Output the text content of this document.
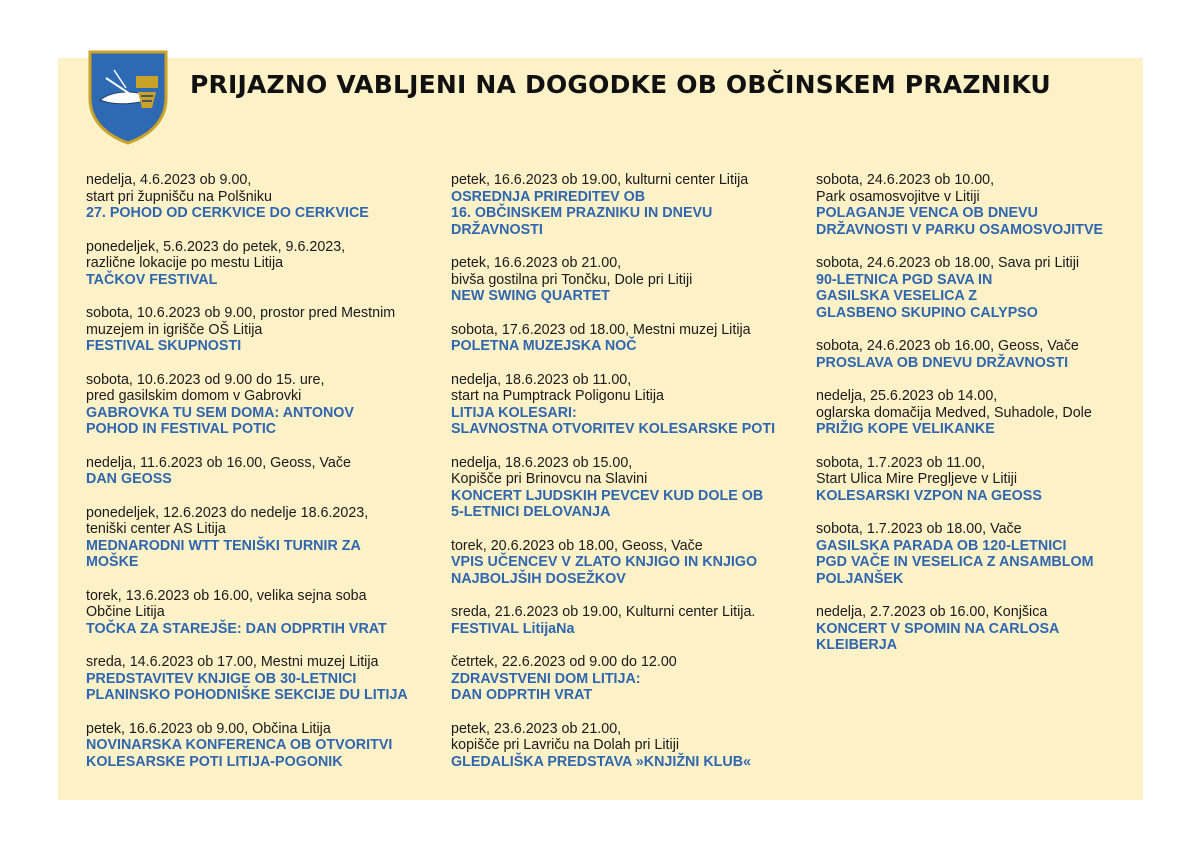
PRIJAZNO VABLJENI NA DOGODKE OB OBČINSKEM PRAZNIKU
nedelja, 4.6.2023 ob 9.00,
start pri župnišču na Polšniku
27. POHOD OD CERKVICE DO CERKVICE
ponedeljek, 5.6.2023 do petek, 9.6.2023,
različne lokacije po mestu Litija
TAČKOV FESTIVAL
sobota, 10.6.2023 ob 9.00, prostor pred Mestnim
muzejem in igrišče OŠ Litija
FESTIVAL SKUPNOSTI
sobota, 10.6.2023 od 9.00 do 15. ure,
pred gasilskim domom v Gabrovki
GABROVKA TU SEM DOMA: ANTONOV
POHOD IN FESTIVAL POTIC
nedelja, 11.6.2023 ob 16.00, Geoss, Vače
DAN GEOSS
ponedeljek, 12.6.2023 do nedelje 18.6.2023,
teniški center AS Litija
MEDNARODNI WTT TENIŠKI TURNIR ZA
MOŠKE
torek, 13.6.2023 ob 16.00, velika sejna soba
Občine Litija
TOČKA ZA STAREJŠE: DAN ODPRTIH VRAT
sreda, 14.6.2023 ob 17.00, Mestni muzej Litija
PREDSTAVITEV KNJIGE OB 30-LETNICI
PLANINSKO POHODNIŠKE SEKCIJE DU LITIJA
petek, 16.6.2023 ob 9.00, Občina Litija
NOVINARSKA KONFERENCA OB OTVORITVI
KOLESARSKE POTI LITIJA-POGONIK
petek, 16.6.2023 ob 19.00, kulturni center Litija
OSREDNJA PRIREDITEV OB
16. OBČINSKEM PRAZNIKU IN DNEVU
DRŽAVNOSTI
petek, 16.6.2023 ob 21.00,
bivša gostilna pri Tončku, Dole pri Litiji
NEW SWING QUARTET
sobota, 17.6.2023 od 18.00, Mestni muzej Litija
POLETNA MUZEJSKA NOČ
nedelja, 18.6.2023 ob 11.00,
start na Pumptrack Poligonu Litija
LITIJA KOLESARI:
SLAVNOSTNA OTVORITEV KOLESARSKE POTI
nedelja, 18.6.2023 ob 15.00,
Kopišče pri Brinovcu na Slavini
KONCERT LJUDSKIH PEVCEV KUD DOLE OB
5-LETNICI DELOVANJA
torek, 20.6.2023 ob 18.00, Geoss, Vače
VPIS UČENCEV V ZLATO KNJIGO IN KNJIGO
NAJBOLJŠIH DOSEŽKOV
sreda, 21.6.2023 ob 19.00, Kulturni center Litija.
FESTIVAL LitijaNa
četrtek, 22.6.2023 od 9.00 do 12.00
ZDRAVSTVENI DOM LITIJA:
DAN ODPRTIH VRAT
petek, 23.6.2023 ob 21.00,
kopišče pri Lavriču na Dolah pri Litiji
GLEDALIŠKA PREDSTAVA »KNJIŽNI KLUB«
sobota, 24.6.2023 ob 10.00,
Park osamosvojitve v Litiji
POLAGANJE VENCA OB DNEVU
DRŽAVNOSTI V PARKU OSAMOSVOJITVE
sobota, 24.6.2023 ob 18.00, Sava pri Litiji
90-LETNICA PGD SAVA IN
GASILSKA VESELICA Z
GLASBENO SKUPINO CALYPSO
sobota, 24.6.2023 ob 16.00, Geoss, Vače
PROSLAVA OB DNEVU DRŽAVNOSTI
nedelja, 25.6.2023 ob 14.00,
oglarska domačija Medved, Suhadole, Dole
PRIŽIG KOPE VELIKANKE
sobota, 1.7.2023 ob 11.00,
Start Ulica Mire Pregljeve v Litiji
KOLESARSKI VZPON NA GEOSS
sobota, 1.7.2023 ob 18.00, Vače
GASILSKA PARADA OB 120-LETNICI
PGD VAČE IN VESELICA Z ANSAMBLOM
POLJANŠEK
nedelja, 2.7.2023 ob 16.00, Konjšica
KONCERT V SPOMIN NA CARLOSA
KLEIBERJA
